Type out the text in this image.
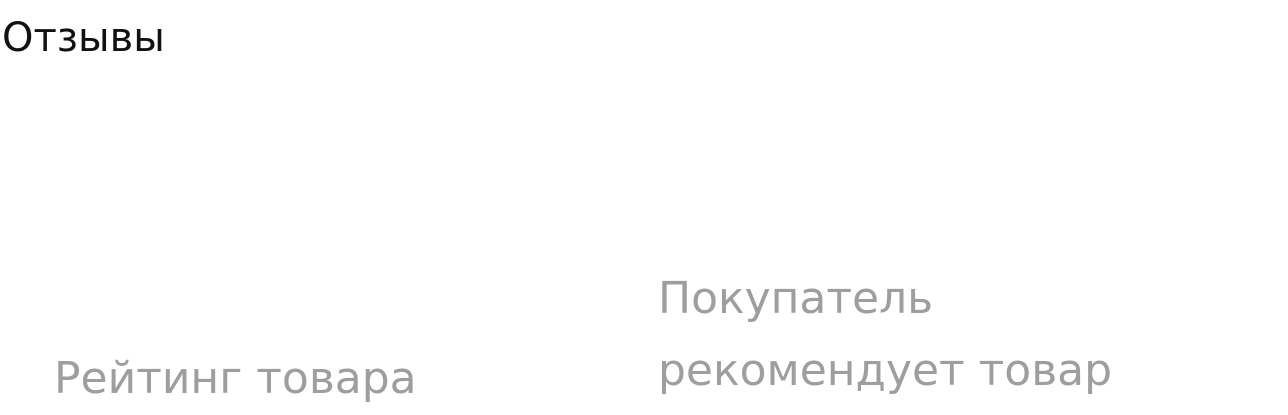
Отзывы
Рейтинг товара
Покупатель
рекомендует товар
